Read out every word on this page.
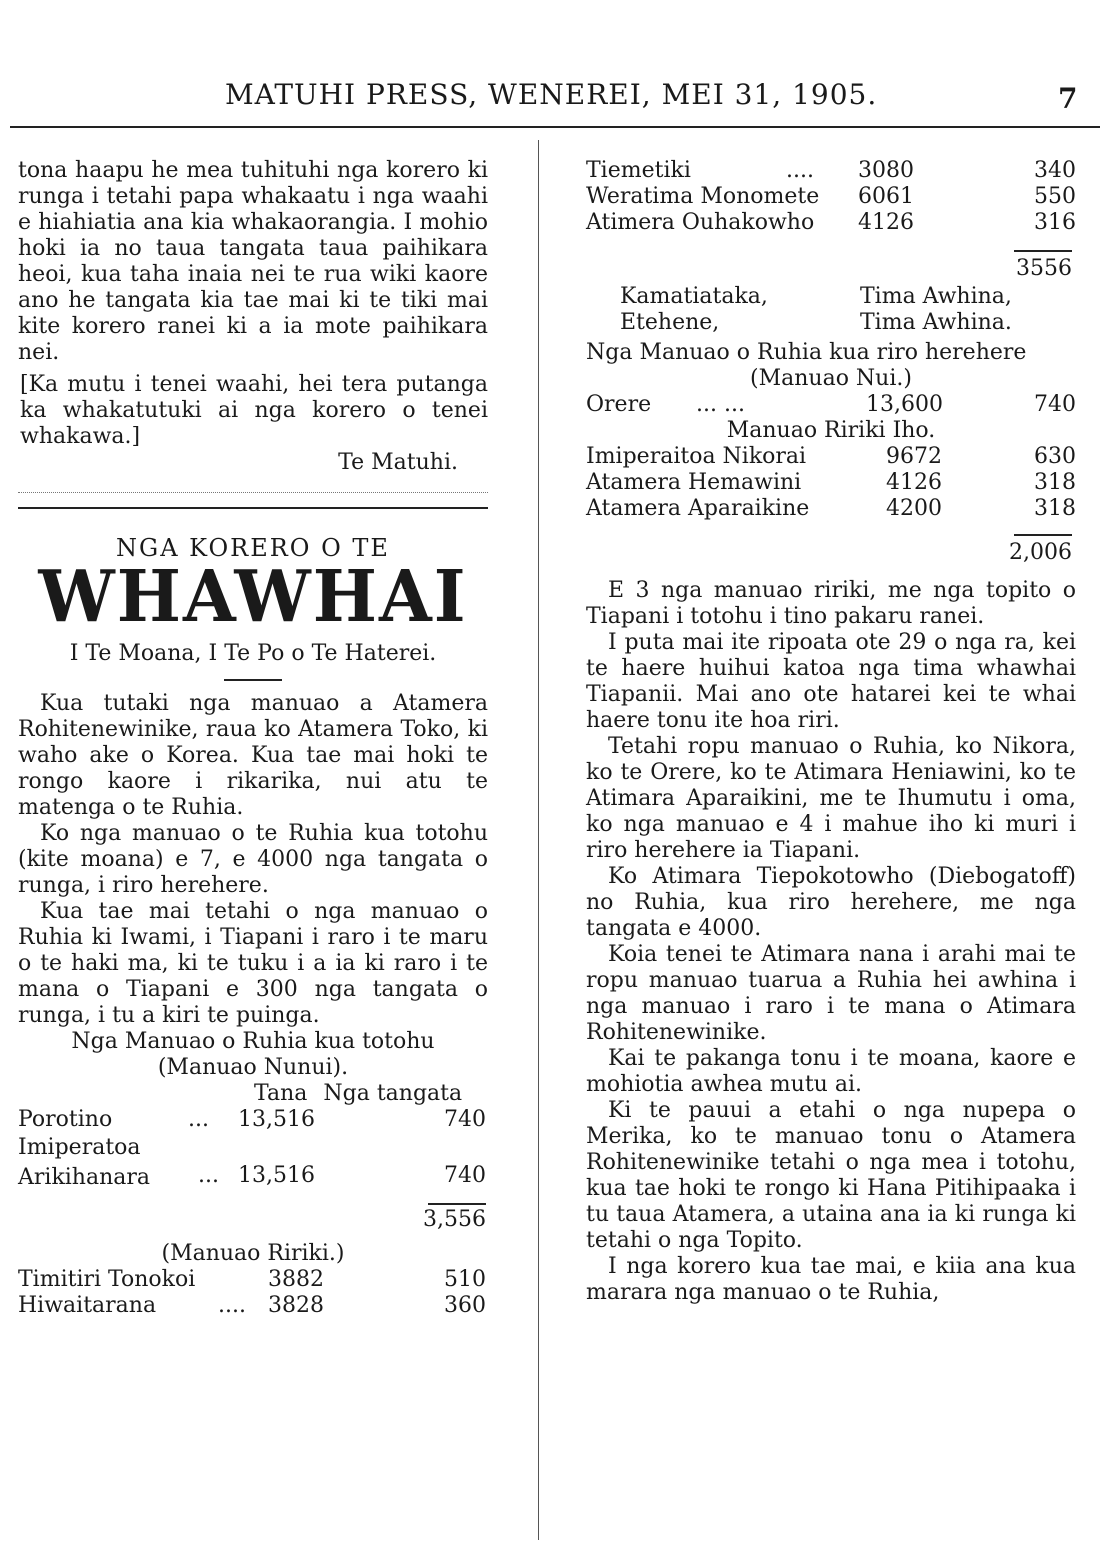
MATUHI PRESS, WENEREI, MEI 31, 1905.	7

tona haapu he mea tuhituhi nga korero ki runga i tetahi papa whakaatu i nga waahi e hiahiatia ana kia whakaorangia. I mohio hoki ia no taua tangata taua paihikara heoi, kua taha inaia nei te rua wiki kaore ano he tangata kia tae mai ki te tiki mai kite korero ranei ki a ia mote paihikara nei.

[Ka mutu i tenei waahi, hei tera putanga ka whakatutuki ai nga korero o tenei whakawa.]

Te Matuhi.

NGA KORERO O TE
WHAWHAI
I Te Moana, I Te Po o Te Haterei.

Kua tutaki nga manuao a Atamera Rohitenewinike, raua ko Atamera Toko, ki waho ake o Korea. Kua tae mai hoki te rongo kaore i rikarika, nui atu te matenga o te Ruhia.

Ko nga manuao o te Ruhia kua totohu (kite moana) e 7, e 4000 nga tangata o runga, i riro herehere.

Kua tae mai tetahi o nga manuao o Ruhia ki Iwami, i Tiapani i raro i te maru o te haki ma, ki te tuku i a ia ki raro i te mana o Tiapani e 300 nga tangata o runga, i tu a kiri te puinga.

Nga Manuao o Ruhia kua totohu
(Manuao Nunui).
Tana Nga tangata
Porotino	...	13,516	740
Imiperatoa Arikihanara	... 13,516	740
3,556
(Manuao Ririki.)
Timitiri Tonokoi	3882	510
Hiwaitarana	....	3828	360
Tiemetiki	....	3080	340
Weratima Monomete	6061	550
Atimera Ouhakowho	4126	316
3556
Kamatiataka,	Tima Awhina,
Etehene,	Tima Awhina.
Nga Manuao o Ruhia kua riro herehere
(Manuao Nui.)
Orere	... ...	13,600	740
Manuao Ririki Iho.
Imiperaitoa Nikorai	9672	630
Atamera Hemawini	4126	318
Atamera Aparaikine	4200	318
2,006

E 3 nga manuao ririki, me nga topito o Tiapani i totohu i tino pakaru ranei.

I puta mai ite ripoata ote 29 o nga ra, kei te haere huihui katoa nga tima whawhai Tiapanii. Mai ano ote hatarei kei te whai haere tonu ite hoa riri.

Tetahi ropu manuao o Ruhia, ko Nikora, ko te Orere, ko te Atimara Heniawini, ko te Atimara Aparaikini, me te Ihumutu i oma, ko nga manuao e 4 i mahue iho ki muri i riro herehere ia Tiapani.

Ko Atimara Tiepokotowho (Diebogatoff) no Ruhia, kua riro herehere, me nga tangata e 4000.

Koia tenei te Atimara nana i arahi mai te ropu manuao tuarua a Ruhia hei awhina i nga manuao i raro i te mana o Atimara Rohitenewinike.

Kai te pakanga tonu i te moana, kaore e mohiotia awhea mutu ai.

Ki te pauui a etahi o nga nupepa o Merika, ko te manuao tonu o Atamera Rohitenewinike tetahi o nga mea i totohu, kua tae hoki te rongo ki Hana Pitihipaaka i tu taua Atamera, a utaina ana ia ki runga ki tetahi o nga Topito.

I nga korero kua tae mai, e kiia ana kua marara nga manuao o te Ruhia,
